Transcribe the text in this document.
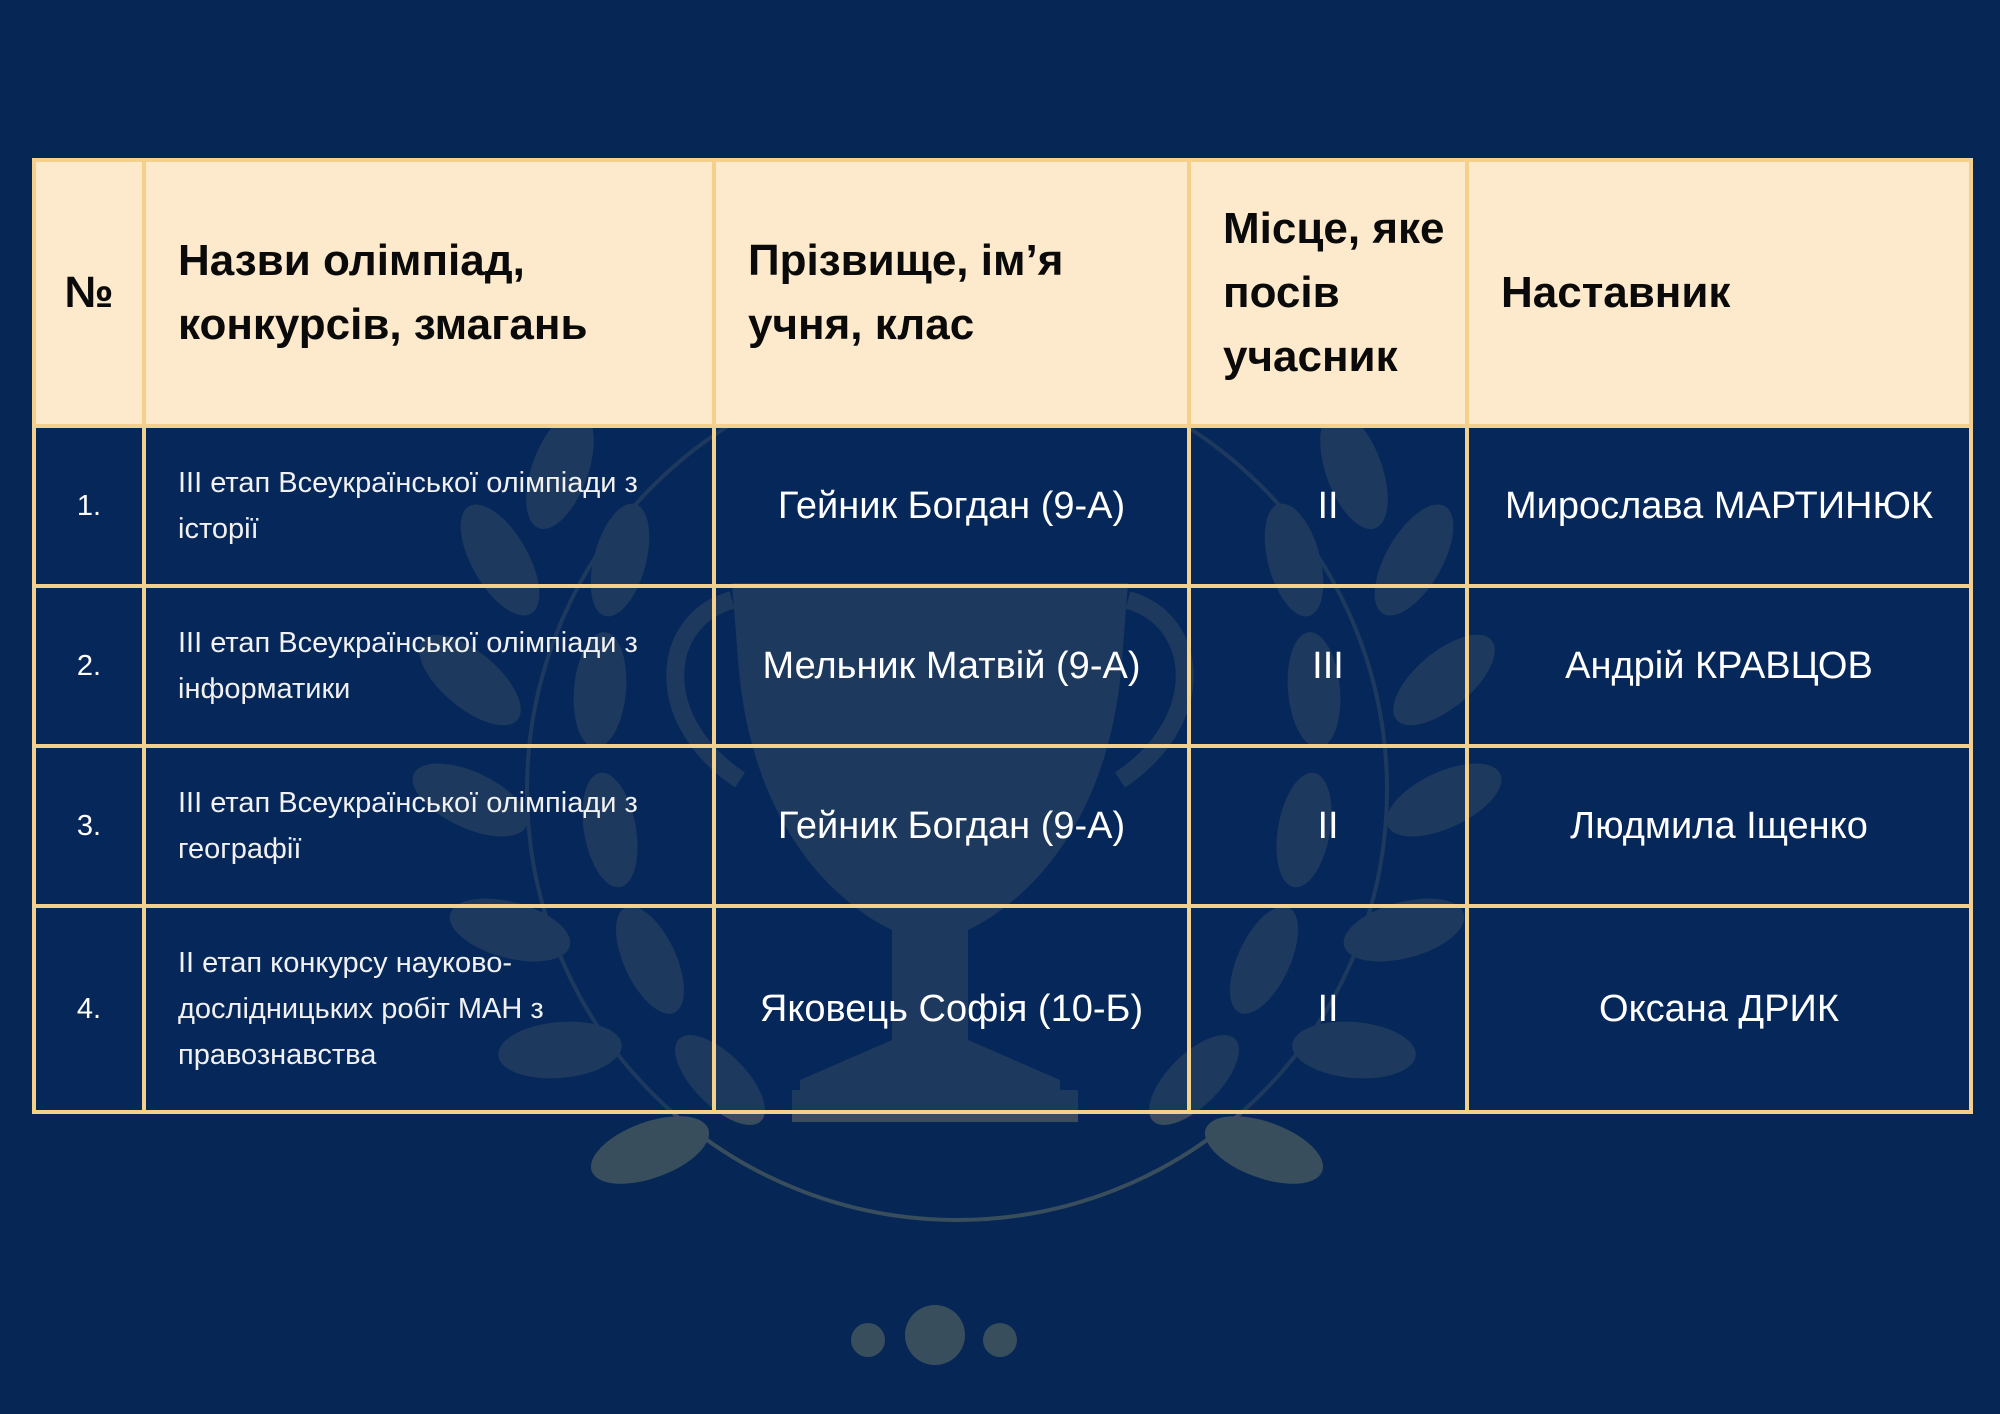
№	Назви олімпіад, конкурсів, змагань	Прізвище, ім’я учня, клас	Місце, яке посів учасник	Наставник
1.	ІІІ етап Всеукраїнської олімпіади з історії	Гейник Богдан (9-А)	ІІ	Мирослава МАРТИНЮК
2.	ІІІ етап Всеукраїнської олімпіади з інформатики	Мельник Матвій (9-А)	ІІІ	Андрій КРАВЦОВ
3.	ІІІ етап Всеукраїнської олімпіади з географії	Гейник Богдан (9-А)	ІІ	Людмила Іщенко
4.	ІІ етап конкурсу науково-дослідницьких робіт МАН з правознавства	Яковець Софія (10-Б)	ІІ	Оксана ДРИК
